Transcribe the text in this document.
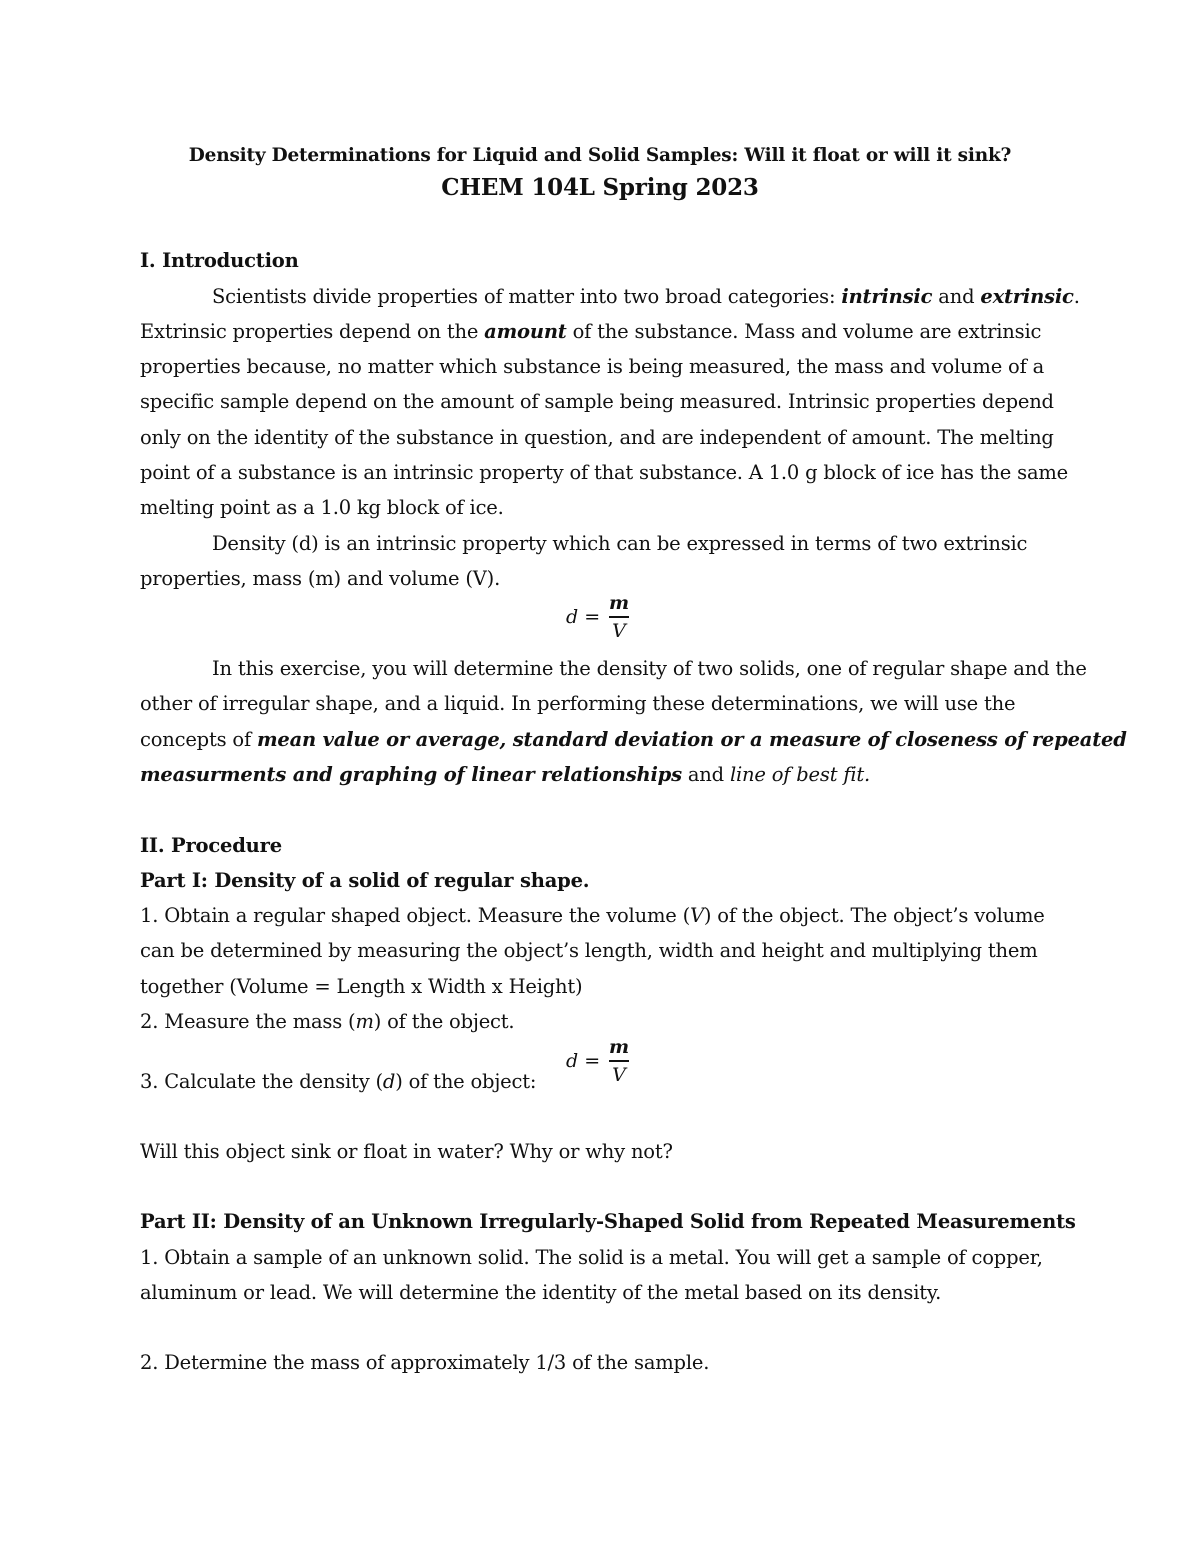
Density Determinations for Liquid and Solid Samples: Will it float or will it sink?
CHEM 104L Spring 2023
I. Introduction
Scientists divide properties of matter into two broad categories: intrinsic and extrinsic.
Extrinsic properties depend on the amount of the substance. Mass and volume are extrinsic
properties because, no matter which substance is being measured, the mass and volume of a
specific sample depend on the amount of sample being measured. Intrinsic properties depend
only on the identity of the substance in question, and are independent of amount. The melting
point of a substance is an intrinsic property of that substance. A 1.0 g block of ice has the same
melting point as a 1.0 kg block of ice.
Density (d) is an intrinsic property which can be expressed in terms of two extrinsic
properties, mass (m) and volume (V).
d =
m
V
In this exercise, you will determine the density of two solids, one of regular shape and the
other of irregular shape, and a liquid. In performing these determinations, we will use the
concepts of mean value or average, standard deviation or a measure of closeness of repeated
measurments and graphing of linear relationships and line of best fit.
II. Procedure
Part I: Density of a solid of regular shape.
1. Obtain a regular shaped object. Measure the volume (V) of the object. The object’s volume
can be determined by measuring the object’s length, width and height and multiplying them
together (Volume = Length x Width x Height)
2. Measure the mass (m) of the object.
3. Calculate the density (d) of the object:
d =
m
V
Will this object sink or float in water? Why or why not?
Part II: Density of an Unknown Irregularly-Shaped Solid from Repeated Measurements
1. Obtain a sample of an unknown solid. The solid is a metal. You will get a sample of copper,
aluminum or lead. We will determine the identity of the metal based on its density.
2. Determine the mass of approximately 1/3 of the sample.
